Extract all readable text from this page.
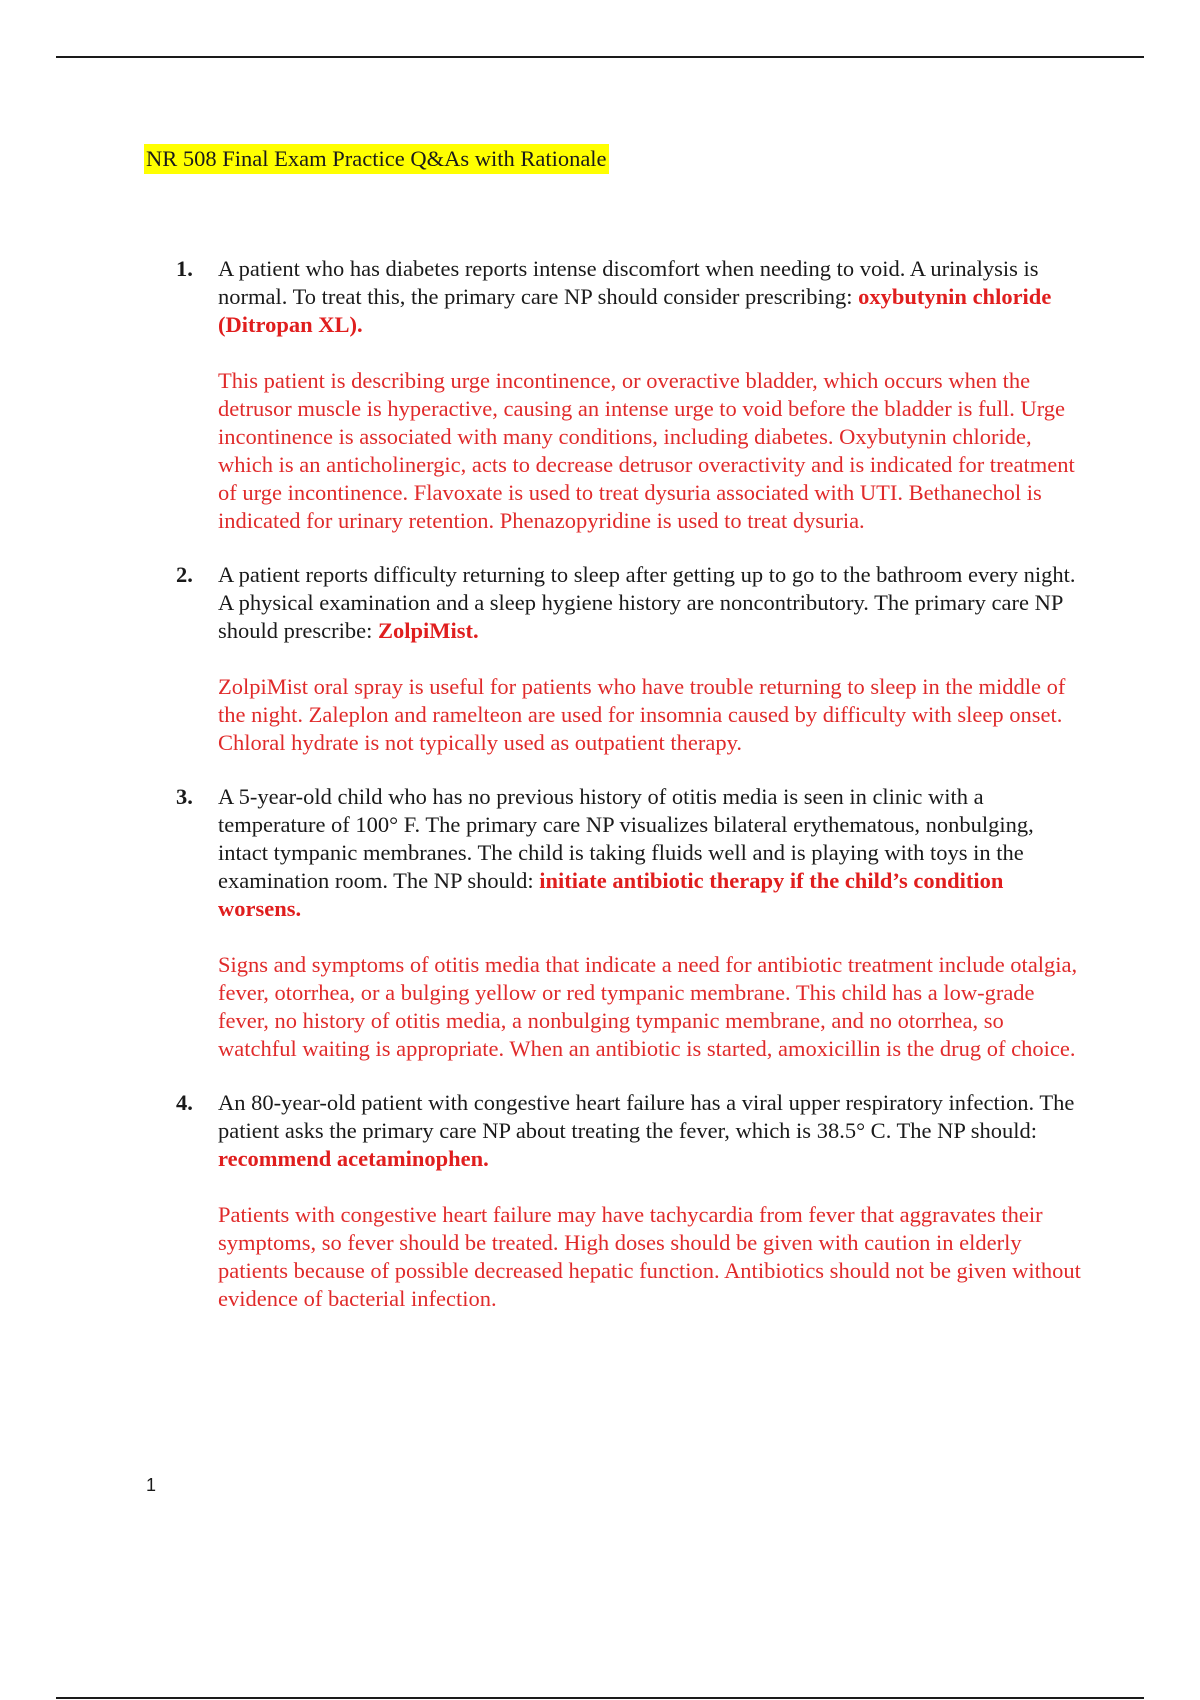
NR 508 Final Exam Practice Q&As with Rationale
1. A patient who has diabetes reports intense discomfort when needing to void. A urinalysis is normal. To treat this, the primary care NP should consider prescribing: oxybutynin chloride (Ditropan XL).

This patient is describing urge incontinence, or overactive bladder, which occurs when the detrusor muscle is hyperactive, causing an intense urge to void before the bladder is full. Urge incontinence is associated with many conditions, including diabetes. Oxybutynin chloride, which is an anticholinergic, acts to decrease detrusor overactivity and is indicated for treatment of urge incontinence. Flavoxate is used to treat dysuria associated with UTI. Bethanechol is indicated for urinary retention. Phenazopyridine is used to treat dysuria.

2. A patient reports difficulty returning to sleep after getting up to go to the bathroom every night. A physical examination and a sleep hygiene history are noncontributory. The primary care NP should prescribe: ZolpiMist.

ZolpiMist oral spray is useful for patients who have trouble returning to sleep in the middle of the night. Zaleplon and ramelteon are used for insomnia caused by difficulty with sleep onset. Chloral hydrate is not typically used as outpatient therapy.

3. A 5-year-old child who has no previous history of otitis media is seen in clinic with a temperature of 100° F. The primary care NP visualizes bilateral erythematous, nonbulging, intact tympanic membranes. The child is taking fluids well and is playing with toys in the examination room. The NP should: initiate antibiotic therapy if the child’s condition worsens.

Signs and symptoms of otitis media that indicate a need for antibiotic treatment include otalgia, fever, otorrhea, or a bulging yellow or red tympanic membrane. This child has a low-grade fever, no history of otitis media, a nonbulging tympanic membrane, and no otorrhea, so watchful waiting is appropriate. When an antibiotic is started, amoxicillin is the drug of choice.

4. An 80-year-old patient with congestive heart failure has a viral upper respiratory infection. The patient asks the primary care NP about treating the fever, which is 38.5° C. The NP should: recommend acetaminophen.

Patients with congestive heart failure may have tachycardia from fever that aggravates their symptoms, so fever should be treated. High doses should be given with caution in elderly patients because of possible decreased hepatic function. Antibiotics should not be given without evidence of bacterial infection.

1
